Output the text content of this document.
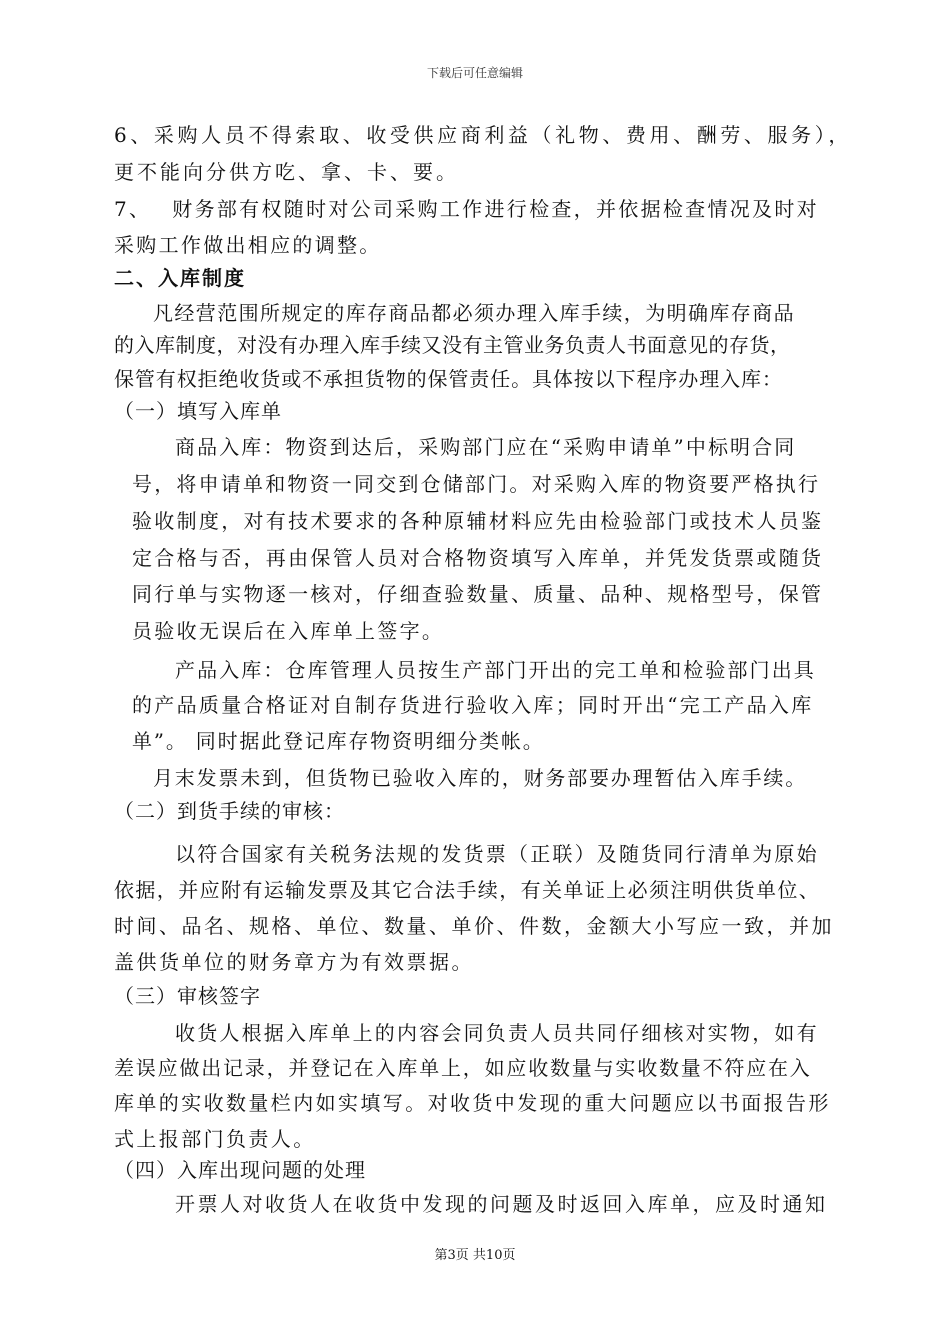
下载后可任意编辑
6、采购人员不得索取、收受供应商利益（礼物、费用、酬劳、服务），
更不能向分供方吃、拿、卡、要。
7、　 财务部有权随时对公司采购工作进行检查，并依据检查情况及时对
采购工作做出相应的调整。
二、入库制度
凡经营范围所规定的库存商品都必须办理入库手续，为明确库存商品
的入库制度，对没有办理入库手续又没有主管业务负责人书面意见的存货，
保管有权拒绝收货或不承担货物的保管责任。具体按以下程序办理入库：
（一）填写入库单
商品入库：物资到达后，采购部门应在“采购申请单”中标明合同
号，将申请单和物资一同交到仓储部门。对采购入库的物资要严格执行
验收制度，对有技术要求的各种原辅材料应先由检验部门或技术人员鉴
定合格与否，再由保管人员对合格物资填写入库单，并凭发货票或随货
同行单与实物逐一核对，仔细查验数量、质量、品种、规格型号，保管
员验收无误后在入库单上签字。
产品入库：仓库管理人员按生产部门开出的完工单和检验部门出具
的产品质量合格证对自制存货进行验收入库；同时开出“完工产品入库
单”。 同时据此登记库存物资明细分类帐。
月末发票未到，但货物已验收入库的，财务部要办理暂估入库手续。
（二）到货手续的审核：
以符合国家有关税务法规的发货票（正联）及随货同行清单为原始
依据，并应附有运输发票及其它合法手续，有关单证上必须注明供货单位、
时间、品名、规格、单位、数量、单价、件数，金额大小写应一致，并加
盖供货单位的财务章方为有效票据。
（三）审核签字
收货人根据入库单上的内容会同负责人员共同仔细核对实物，如有
差误应做出记录，并登记在入库单上，如应收数量与实收数量不符应在入
库单的实收数量栏内如实填写。对收货中发现的重大问题应以书面报告形
式上报部门负责人。
（四）入库出现问题的处理
开票人对收货人在收货中发现的问题及时返回入库单，应及时通知
第3页 共10页
